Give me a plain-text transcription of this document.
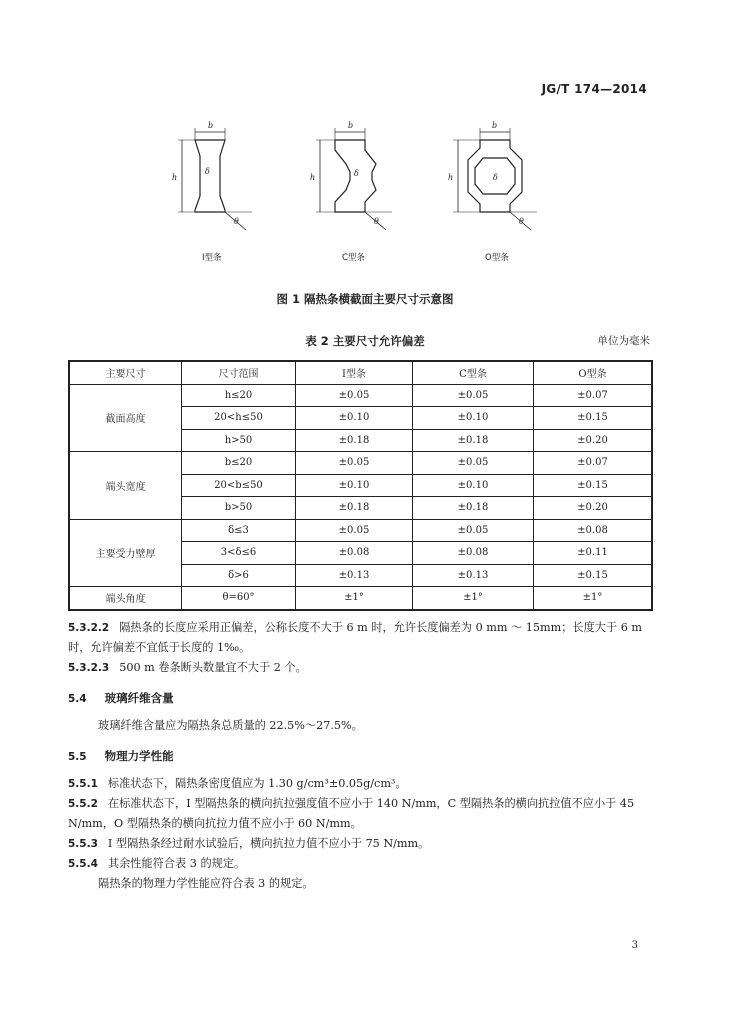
JG/T 174—2014
b
h
δ
θ
b
h	δ
θ
b
h	δ
θ
I型条	C型条	O型条
图 1 隔热条横截面主要尺寸示意图
表 2 主要尺寸允许偏差	单位为毫米
主要尺寸	尺寸范围	I型条	C型条	O型条
截面高度	h≤20	±0.05	±0.05	±0.07
	20<h≤50	±0.10	±0.10	±0.15
	h>50	±0.18	±0.18	±0.20
端头宽度	b≤20	±0.05	±0.05	±0.07
	20<b≤50	±0.10	±0.10	±0.15
	b>50	±0.18	±0.18	±0.20
主要受力壁厚	δ≤3	±0.05	±0.05	±0.08
	3<δ≤6	±0.08	±0.08	±0.11
	δ>6	±0.13	±0.13	±0.15
端头角度	θ=60°	±1°	±1°	±1°
5.3.2.2 隔热条的长度应采用正偏差，公称长度不大于 6 m 时，允许长度偏差为 0 mm ～ 15mm；长度大于 6 m 时，允许偏差不宜低于长度的 1‰。
5.3.2.3 500 m 卷条断头数量宜不大于 2 个。
5.4 玻璃纤维含量
玻璃纤维含量应为隔热条总质量的 22.5%～27.5%。
5.5 物理力学性能
5.5.1 标准状态下，隔热条密度值应为 1.30 g/cm³±0.05g/cm³。
5.5.2 在标准状态下，I 型隔热条的横向抗拉强度值不应小于 140 N/mm，C 型隔热条的横向抗拉值不应小于 45 N/mm，O 型隔热条的横向抗拉力值不应小于 60 N/mm。
5.5.3 I 型隔热条经过耐水试验后，横向抗拉力值不应小于 75 N/mm。
5.5.4 其余性能符合表 3 的规定。
隔热条的物理力学性能应符合表 3 的规定。
3
